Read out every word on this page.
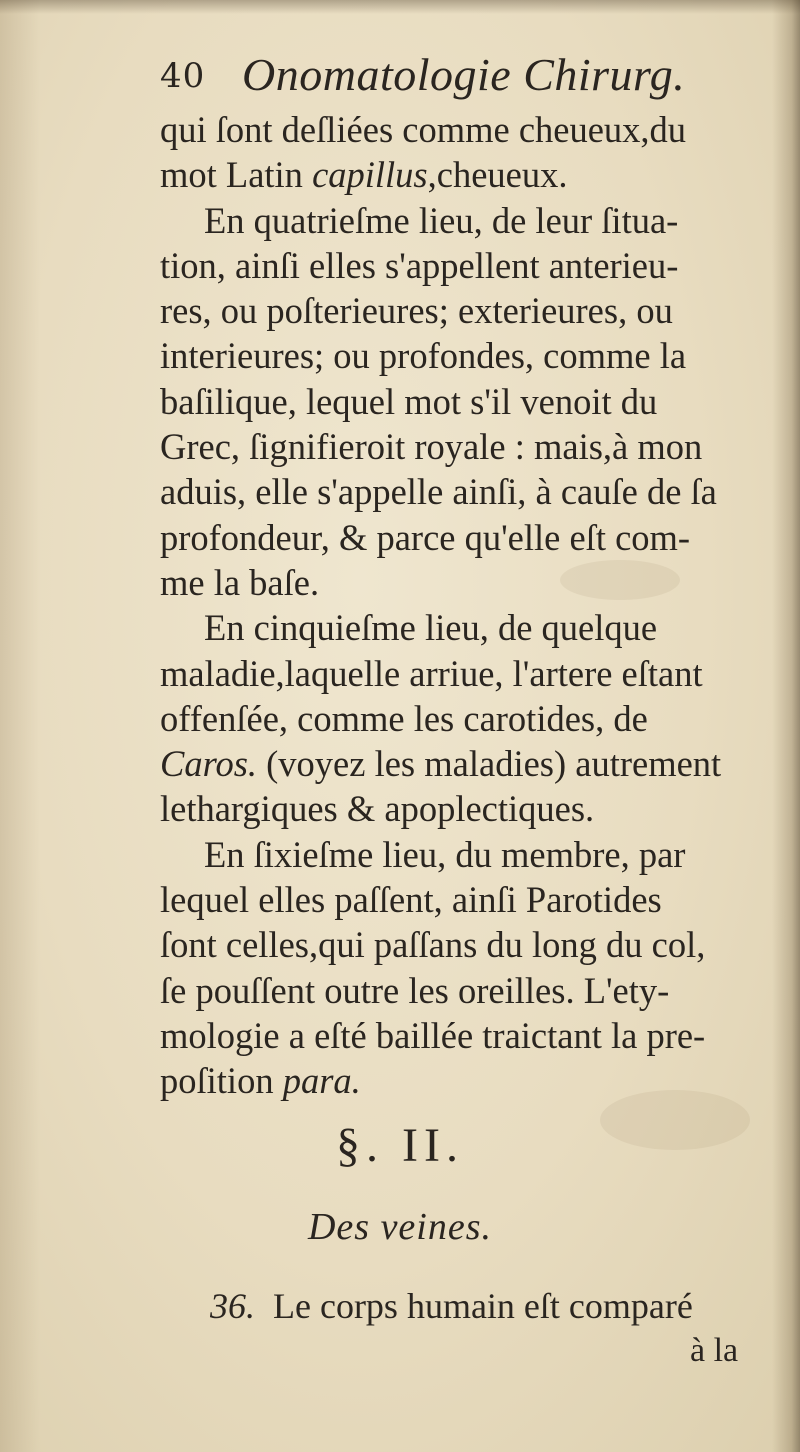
40 Onomatologie Chirurg.
qui ſont deſliées comme cheueux,du
mot Latin capillus,cheueux.
En quatrieſme lieu, de leur ſitua-
tion, ainſi elles s'appellent anterieu-
res, ou poſterieures; exterieures, ou
interieures; ou profondes, comme la
baſilique, lequel mot s'il venoit du
Grec, ſignifieroit royale : mais,à mon
aduis, elle s'appelle ainſi, à cauſe de ſa
profondeur, & parce qu'elle eſt com-
me la baſe.
En cinquieſme lieu, de quelque
maladie,laquelle arriue, l'artere eſtant
offenſée, comme les carotides, de
Caros. (voyez les maladies) autrement
lethargiques & apoplectiques.
En ſixieſme lieu, du membre, par
lequel elles paſſent, ainſi Parotides
ſont celles,qui paſſans du long du col,
ſe pouſſent outre les oreilles. L'ety-
mologie a eſté baillée traictant la pre-
poſition para.
§. II.
Des veines.
36. Le corps humain eſt comparé
à la
